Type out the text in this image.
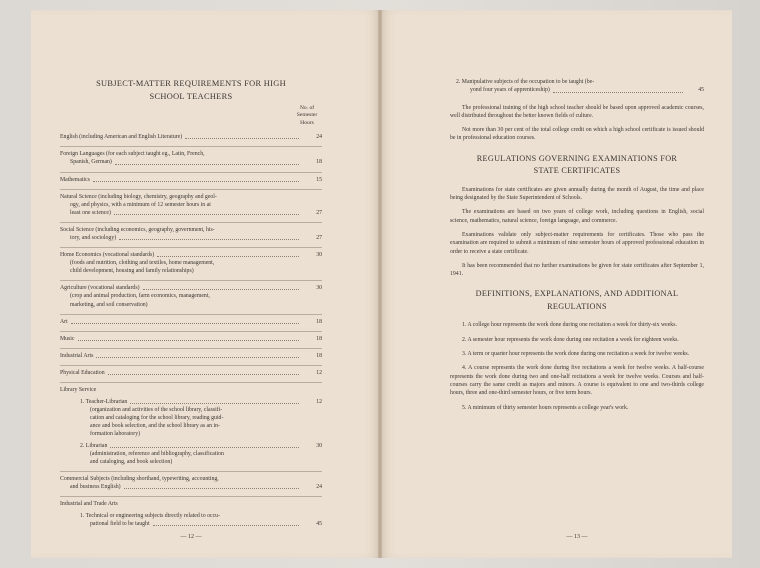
SUBJECT-MATTER REQUIREMENTS FOR HIGH
SCHOOL TEACHERS
No. of
Semester
Hours
English (including American and English Literature)	24
Foreign Languages (for each subject taught eg., Latin, French,
Spanish, German)	18
Mathematics	15
Natural Science (including biology, chemistry, geography and geol-
ogy, and physics, with a minimum of 12 semester hours in at
least one science)	27
Social Science (including economics, geography, government, his-
tory, and sociology)	27
Home Economics (vocational standards)	30
(foods and nutrition, clothing and textiles, home management,
child development, housing and family relationships)
Agriculture (vocational standards)	30
(crop and animal production, farm economics, management,
marketing, and soil conservation)
Art	18
Music	18
Industrial Arts	18
Physical Education	12
Library Service
1. Teacher-Librarian	12
(organization and activities of the school library, classifi-
cation and cataloging for the school library, reading guid-
ance and book selection, and the school library as an in-
formation laboratory)
2. Librarian	30
(administration, reference and bibliography, classification
and cataloging, and book selection)
Commercial Subjects (including shorthand, typewriting, accounting,
and business English)	24
Industrial and Trade Arts
1. Technical or engineering subjects directly related to occu-
pational field to be taught	45
— 12 —
2. Manipulative subjects of the occupation to be taught (be-
yond four years of apprenticeship)	45

The professional training of the high school teacher should be based upon approved academic courses, well distributed throughout the better known fields of culture.

Not more than 30 per cent of the total college credit on which a high school certificate is issued should be in professional education courses.

REGULATIONS GOVERNING EXAMINATIONS FOR
STATE CERTIFICATES

Examinations for state certificates are given annually during the month of August, the time and place being designated by the State Superintendent of Schools.

The examinations are based on two years of college work, including questions in English, social science, mathematics, natural science, foreign language, and commerce.

Examinations validate only subject-matter requirements for certificates. Those who pass the examination are required to submit a minimum of nine semester hours of approved professional education in order to receive a state certificate.

It has been recommended that no further examinations be given for state certificates after September 1, 1941.

DEFINITIONS, EXPLANATIONS, AND ADDITIONAL
REGULATIONS

1. A college hour represents the work done during one recitation a week for thirty-six weeks.

2. A semester hour represents the work done during one recitation a week for eighteen weeks.

3. A term or quarter hour represents the work done during one recitation a week for twelve weeks.

4. A course represents the work done during five recitations a week for twelve weeks. A half-course represents the work done during two and one-half recitations a week for twelve weeks. Courses and half-courses carry the same credit as majors and minors. A course is equivalent to one and two-thirds college hours, three and one-third semester hours, or five term hours.

5. A minimum of thirty semester hours represents a college year's work.

— 13 —
